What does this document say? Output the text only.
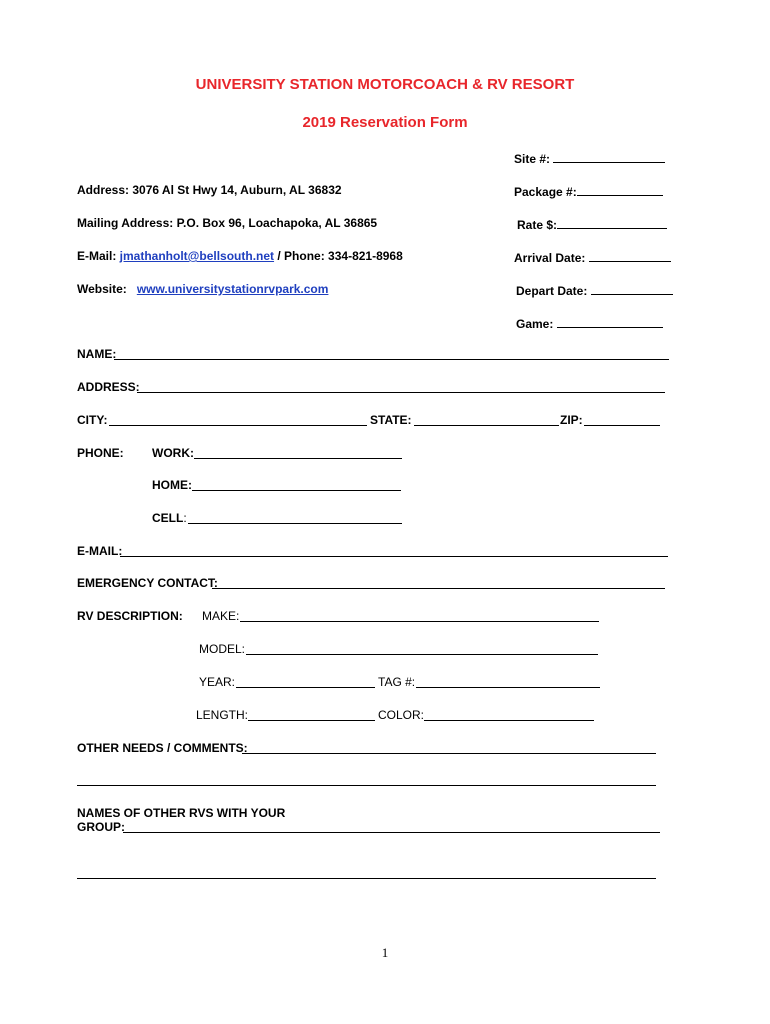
UNIVERSITY STATION MOTORCOACH & RV RESORT
2019 Reservation Form
Site #:
Package #:
Rate $:
Arrival Date:
Depart Date:
Game:
Address: 3076 Al St Hwy 14, Auburn, AL 36832
Mailing Address: P.O. Box 96, Loachapoka, AL 36865
E-Mail: jmathanholt@bellsouth.net / Phone: 334-821-8968
Website: www.universitystationrvpark.com
NAME:
ADDRESS:
CITY:	STATE:	ZIP:
PHONE: WORK:
HOME:
CELL:
E-MAIL:
EMERGENCY CONTACT:
RV DESCRIPTION: MAKE:
MODEL:
YEAR:	TAG #:
LENGTH:	COLOR:
OTHER NEEDS / COMMENTS:
NAMES OF OTHER RVS WITH YOUR
GROUP:
1
